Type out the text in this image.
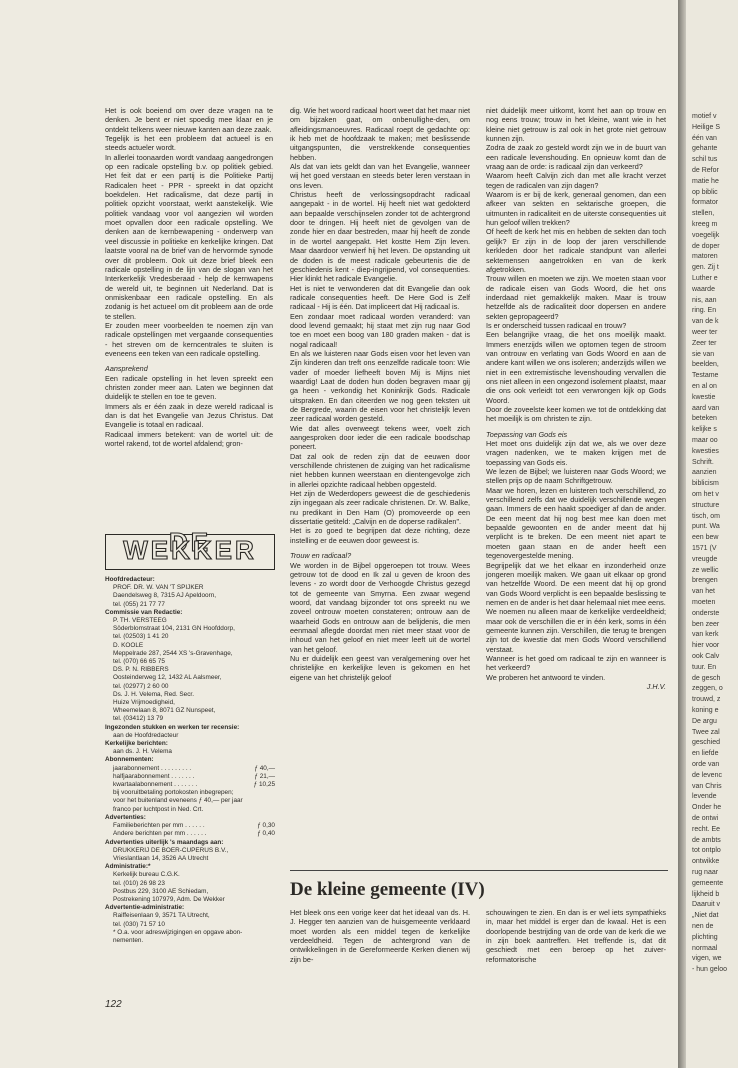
Het is ook boeiend om over deze vragen na te denken. Je bent er niet spoedig mee klaar en je ontdekt telkens weer nieuwe kanten aan deze zaak.

Tegelijk is het een probleem dat actueel is en steeds actueler wordt.

In allerlei toonaarden wordt vandaag aangedrongen op een radicale opstelling b.v. op politiek gebied. Het feit dat er een partij is die Politieke Partij Radicalen heet - PPR - spreekt in dat opzicht boekdelen. Het radicalisme, dat deze partij in politiek opzicht voorstaat, werkt aanstekelijk. Wie politiek vandaag voor vol aangezien wil worden moet opvallen door een radicale opstelling. We denken aan de kernbewapening - onderwerp van veel discussie in politieke en kerkelijke kringen. Dat laatste vooral na de brief van de hervormde synode over dit probleem. Ook uit deze brief bleek een radicale opstelling in de lijn van de slogan van het Interkerkelijk Vredesberaad - help de kernwapens de wereld uit, te beginnen uit Nederland. Dat is onmiskenbaar een radicale opstelling. En als zodanig is het actueel om dit probleem aan de orde te stellen.

Er zouden meer voorbeelden te noemen zijn van radicale opstellingen met vergaande consequenties - het streven om de kerncentrales te sluiten is eveneens een teken van een radicale opstelling.

Aansprekend

Een radicale opstelling in het leven spreekt een christen zonder meer aan. Laten we beginnen dat duidelijk te stellen en toe te geven.

Immers als er één zaak in deze wereld radicaal is dan is dat het Evangelie van Jezus Christus. Dat Evangelie is totaal en radicaal.

Radicaal immers betekent: van de wortel uit: de wortel rakend, tot de wortel afdalend; gron-

DE WEKKER
Hoofdredacteur:
PROF. DR. W. VAN 'T SPIJKER
Daendelsweg 8, 7315 AJ Apeldoorn,
tel. (055) 21 77 77
Commissie van Redactie:
P. TH. VERSTEEG
Söderblomstraat 104, 2131 GN Hoofddorp,
tel. (02503) 1 41 20
D. KOOLE
Meppelrade 287, 2544 XS 's-Gravenhage,
tel. (070) 66 65 75
DS. P. N. RIBBERS
Oosteinderweg 12, 1432 AL Aalsmeer,
tel. (02977) 2 60 00
Ds. J. H. Velema, Red. Secr.
Huize Vrijmoedigheid,
Wheemelaan 8, 8071 GZ Nunspeet,
tel. (03412) 13 79
Ingezonden stukken en werken ter recensie:
aan de Hoofdredacteur
Kerkelijke berichten:
aan ds. J. H. Velema
Abonnementen:
jaarabonnement . . . . . . . . .	ƒ 40,—
halfjaarabonnement . . . . . . .	ƒ 21,—
kwartaalabonnement . . . . . . .	ƒ 10,25
bij vooruitbetaling portokosten inbegrepen;
voor het buitenland eveneens ƒ 40,— per jaar
franco per luchtpost in Ned. Crt.
Advertenties:
Familieberichten per mm . . . . . .	ƒ 0,30
Andere berichten per mm . . . . . .	ƒ 0,40
Advertenties uiterlijk 's maandags aan:
DRUKKERIJ DE BOER-CUPERUS B.V.,
Vrieslantlaan 14, 3526 AA Utrecht
Administratie:*
Kerkelijk bureau C.G.K.
tel. (010) 26 98 23
Postbus 229, 3100 AE Schiedam,
Postrekening 107979, Adm. De Wekker
Advertentie-administratie:
Raiffeisenlaan 9, 3571 TA Utrecht,
tel. (030) 71 57 10
* O.a. voor adreswijzigingen en opgave abon-
nementen.

dig. Wie het woord radicaal hoort weet dat het maar niet om bijzaken gaat, om onbenullighe-den, om afleidingsmanoeuvres. Radicaal roept de gedachte op: ik heb met de hoofdzaak te maken; met beslissende uitgangspunten, die verstrekkende consequenties hebben.

Als dat van iets geldt dan van het Evangelie, wanneer wij het goed verstaan en steeds beter leren verstaan in ons leven.

Christus heeft de verlossingsopdracht radicaal aangepakt - in de wortel. Hij heeft niet wat gedokterd aan bepaalde verschijnselen zonder tot de achtergrond door te dringen. Hij heeft niet de gevolgen van de zonde hier en daar bestreden, maar hij heeft de zonde in de wortel aangepakt. Het kostte Hem Zijn leven. Maar daardoor verwierf hij het leven. De opstanding uit de doden is de meest radicale gebeurtenis die de geschiedenis kent - diep-ingrijpend, vol consequenties. Hier klinkt het radicale Evangelie.

Het is niet te verwonderen dat dit Evangelie dan ook radicale consequenties heeft. De Here God is Zelf radicaal - Hij is één. Dat impliceert dat Hij radicaal is.

Een zondaar moet radicaal worden veranderd: van dood levend gemaakt; hij staat met zijn rug naar God toe en moet een boog van 180 graden maken - dat is nogal radicaal!

En als we luisteren naar Gods eisen voor het leven van Zijn kinderen dan treft ons eenzelfde radicale toon: Wie vader of moeder liefheeft boven Mij is Mijns niet waardig! Laat de doden hun doden begraven maar gij ga heen - verkondig het Koninkrijk Gods. Radicale uitspraken. En dan citeerden we nog geen teksten uit de Bergrede, waarin de eisen voor het christelijk leven zeer radicaal worden gesteld.

Wie dat alles overweegt tekens weer, voelt zich aangesproken door ieder die een radicale boodschap poneert.

Dat zal ook de reden zijn dat de eeuwen door verschillende christenen de zuiging van het radicalisme niet hebben kunnen weerstaan en dientengevolge zich in allerlei opzichte radicaal hebben opgesteld.

Het zijn de Wederdopers geweest die de geschiedenis zijn ingegaan als zeer radicale christenen. Dr. W. Balke, nu predikant in Den Ham (O) promoveerde op een dissertatie getiteld: „Calvijn en de doperse radikalen".

Het is zo goed te begrijpen dat deze richting, deze instelling er de eeuwen door geweest is.

Trouw en radicaal?

We worden in de Bijbel opgeroepen tot trouw. Wees getrouw tot de dood en Ik zal u geven de kroon des levens - zo wordt door de Verhoogde Christus gezegd tot de gemeente van Smyrna. Een zwaar wegend woord, dat vandaag bijzonder tot ons spreekt nu we zoveel ontrouw moeten constateren; ontrouw aan de waarheid Gods en ontrouw aan de belijdenis, die men eenmaal aflegde doordat men niet meer staat voor de inhoud van het geloof en niet meer leeft uit de wortel van het geloof.

Nu er duidelijk een geest van veralgemening over het christelijke en kerkelijke leven is gekomen en het eigene van het christelijk geloof

niet duidelijk meer uitkomt, komt het aan op trouw en nog eens trouw; trouw in het kleine, want wie in het kleine niet getrouw is zal ook in het grote niet getrouw kunnen zijn.

Zodra de zaak zo gesteld wordt zijn we in de buurt van een radicale levenshouding. En opnieuw komt dan de vraag aan de orde: is radicaal zijn dan verkeerd?

Waarom heeft Calvijn zich dan met alle kracht verzet tegen de radicalen van zijn dagen?

Waarom is er bij de kerk, generaal genomen, dan een afkeer van sekten en sektarische groepen, die uitmunten in radicaliteit en de uiterste consequenties uit hun geloof willen trekken?

Of heeft de kerk het mis en hebben de sekten dan toch gelijk? Er zijn in de loop der jaren verschillende kerkleden door het radicale standpunt van allerlei sektemensen aangetrokken en van de kerk afgetrokken.

Trouw willen en moeten we zijn. We moeten staan voor de radicale eisen van Gods Woord, die het ons inderdaad niet gemakkelijk maken. Maar is trouw hetzelfde als de radicaliteit door dopersen en andere sekten gepropageerd?

Is er onderscheid tussen radicaal en trouw?

Een belangrijke vraag, die het ons moeilijk maakt. Immers enerzijds willen we optornen tegen de stroom van ontrouw en verlating van Gods Woord en aan de andere kant willen we ons isoleren; anderzijds willen we niet in een extremistische levenshouding vervallen die ons niet alleen in een ongezond isolement plaatst, maar die ons ook verleidt tot een verwrongen kijk op Gods Woord.

Door de zoveelste keer komen we tot de ontdekking dat het moeilijk is om christen te zijn.

Toepassing van Gods eis

Het moet ons duidelijk zijn dat we, als we over deze vragen nadenken, we te maken krijgen met de toepassing van Gods eis.

We lezen de Bijbel; we luisteren naar Gods Woord; we stellen prijs op de naam Schriftgetrouw.

Maar we horen, lezen en luisteren toch verschillend, zo verschillend zelfs dat we duidelijk verschillende wegen gaan. Immers de een haakt spoediger af dan de ander. De een meent dat hij nog best mee kan doen met bepaalde gewoonten en de ander meent dat hij verplicht is te breken. De een meent niet apart te moeten gaan staan en de ander heeft een tegenovergestelde mening.

Begrijpelijk dat we het elkaar en inzonderheid onze jongeren moeilijk maken. We gaan uit elkaar op grond van hetzelfde Woord. De een meent dat hij op grond van Gods Woord verplicht is een bepaalde beslissing te nemen en de ander is het daar helemaal niet mee eens.

We noemen nu alleen maar de kerkelijke verdeeldheid; maar ook de verschillen die er in één kerk, soms in één gemeente kunnen zijn. Verschillen, die terug te brengen zijn tot de kwestie dat men Gods Woord verschillend verstaat.

Wanneer is het goed om radicaal te zijn en wanneer is het verkeerd?

We proberen het antwoord te vinden.

J.H.V.

De kleine gemeente (IV)
Het bleek ons een vorige keer dat het ideaal van ds. H. J. Hegger ten aanzien van de huisgemeente verklaard moet worden als een middel tegen de kerkelijke verdeeldheid. Tegen de achtergrond van de ontwikkelingen in de Gereformeerde Kerken dienen wij zijn be-
schouwingen te zien. En dan is er wel iets sympathieks in, maar het middel is erger dan de kwaal. Het is een doorlopende bestrijding van de orde van de kerk die we in zijn boek aantreffen. Het treffende is, dat dit geschiedt met een beroep op het zuiver-reformatorische
122
motief v
Heilige S
één van
gehante
schil tus
de Refor
matie he
op biblic
formator
stellen,
kreeg m
voegelijk
de doper
matoren
gen. Zij t
Luther e
waarde
nis, aan
ring. En
van de k
weer ter
Zeer ter
sie van
beelden,
Testame
en al on
kwestie
aard van
beteken
kelijke s
maar oo
kwesties
Schrift.
aanzien
biblicism
om het v
structure
tisch, om
punt. Wa
een bew
1571 (V
vreugde
ze wellic
brengen
van het
moeten
onderste
ben zeer
van kerk
hier voor
ook Calv
tuur. En
de gesch
zeggen, o
trouwd, z
koning e
De argu
Twee zal
geschied
en liefde
orde van
de levenc
van Chris
levende
Onder he
de ontwi
recht. Ee
de ambts
tot ontplo
ontwikke
rug naar
gemeente
lijkheid b
Daaruit v
„Niet dat
nen de
plichting
normaal
vigen, we
- hun geloo
